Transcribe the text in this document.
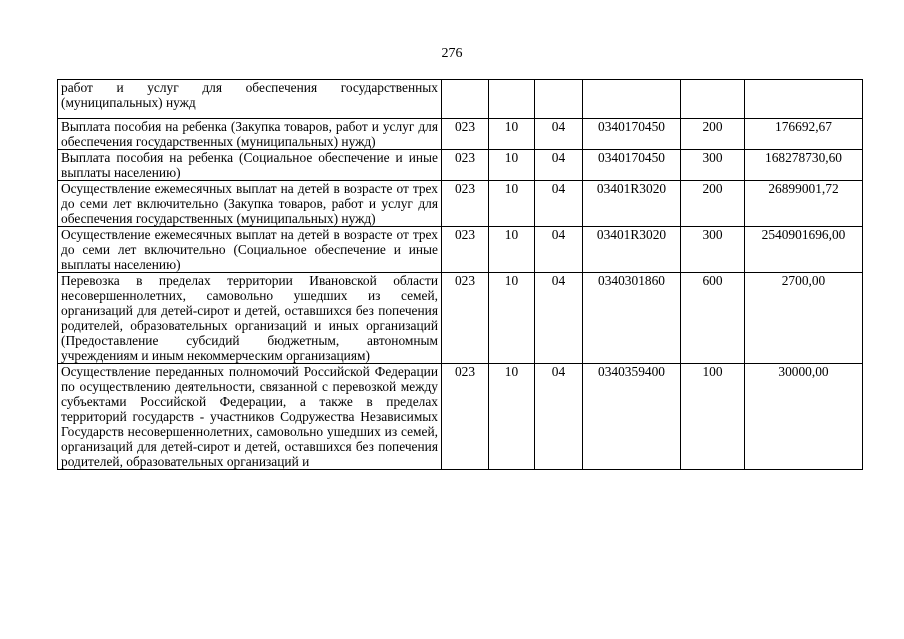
276
работ и услуг для обеспечения государственных (муниципальных) нужд						
Выплата пособия на ребенка (Закупка товаров, работ и услуг для обеспечения государственных (муниципальных) нужд)	023	10	04	0340170450	200	176692,67
Выплата пособия на ребенка (Социальное обеспечение и иные выплаты населению)	023	10	04	0340170450	300	168278730,60
Осуществление ежемесячных выплат на детей в возрасте от трех до семи лет включительно (Закупка товаров, работ и услуг для обеспечения государственных (муниципальных) нужд)	023	10	04	03401R3020	200	26899001,72
Осуществление ежемесячных выплат на детей в возрасте от трех до семи лет включительно (Социальное обеспечение и иные выплаты населению)	023	10	04	03401R3020	300	2540901696,00
Перевозка в пределах территории Ивановской области несовершеннолетних, самовольно ушедших из семей, организаций для детей-сирот и детей, оставшихся без попечения родителей, образовательных организаций и иных организаций (Предоставление субсидий бюджетным, автономным учреждениям и иным некоммерческим организациям)	023	10	04	0340301860	600	2700,00
Осуществление переданных полномочий Российской Федерации по осуществлению деятельности, связанной с перевозкой между субъектами Российской Федерации, а также в пределах территорий государств - участников Содружества Независимых Государств несовершеннолетних, самовольно ушедших из семей, организаций для детей-сирот и детей, оставшихся без попечения родителей, образовательных организаций и	023	10	04	0340359400	100	30000,00
